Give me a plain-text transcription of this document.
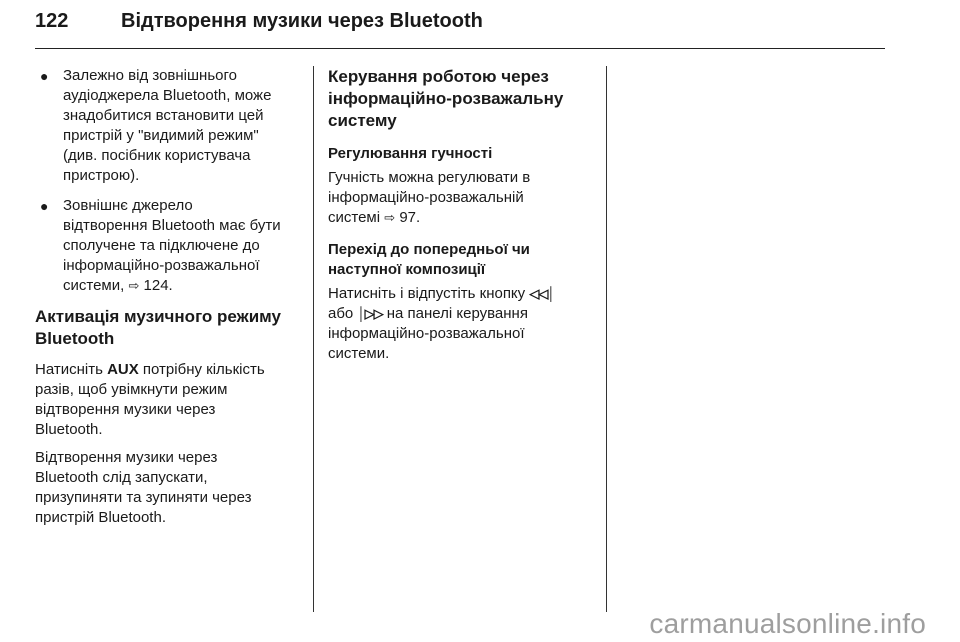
122	Відтворення музики через Bluetooth
● Залежно від зовнішнього
аудіоджерела Bluetooth, може
знадобитися встановити цей
пристрій у "видимий режим"
(див. посібник користувача
пристрою).
● Зовнішнє джерело
відтворення Bluetooth має бути
сполучене та підключене до
інформаційно-розважальної
системи, ⇨ 124.
Активація музичного режиму
Bluetooth

Натисніть AUX потрібну кількість
разів, щоб увімкнути режим
відтворення музики через
Bluetooth.

Відтворення музики через
Bluetooth слід запускати,
призупиняти та зупиняти через
пристрій Bluetooth.

Керування роботою через
інформаційно-розважальну
систему
Регулювання гучності

Гучність можна регулювати в
інформаційно-розважальній
системі ⇨ 97.

Перехід до попередньої чи
наступної композиції

Натисніть і відпустіть кнопку ◁◁│
або │▷▷ на панелі керування
інформаційно-розважальної
системи.

carmanualsonline.info
